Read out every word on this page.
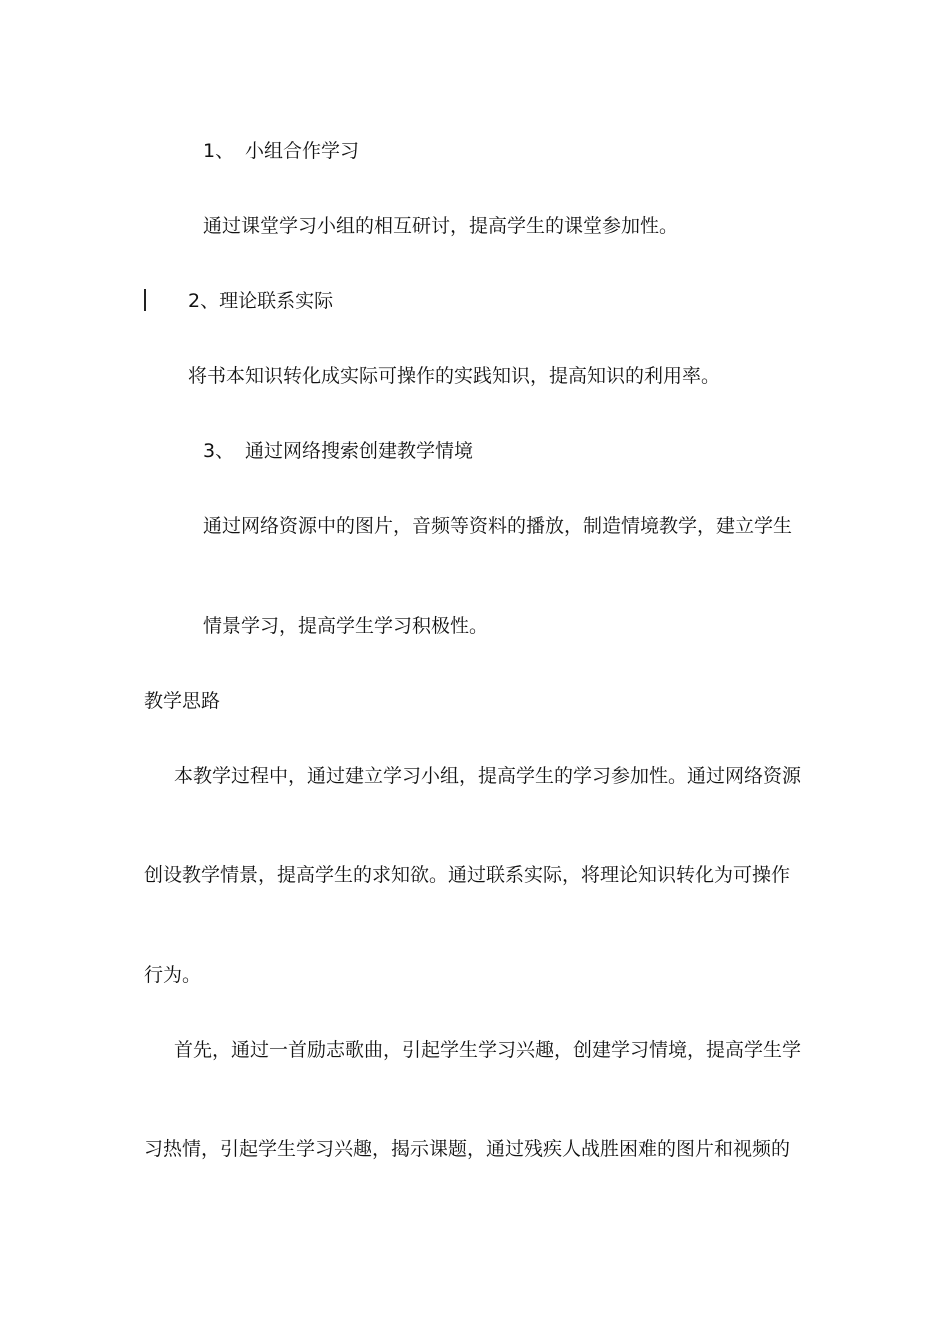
1、 小组合作学习
通过课堂学习小组的相互研讨，提高学生的课堂参加性。
2、理论联系实际
将书本知识转化成实际可操作的实践知识，提高知识的利用率。
3、 通过网络搜索创建教学情境
通过网络资源中的图片，音频等资料的播放，制造情境教学，建立学生
情景学习，提高学生学习积极性。
教学思路
本教学过程中，通过建立学习小组，提高学生的学习参加性。通过网络资源
创设教学情景，提高学生的求知欲。通过联系实际，将理论知识转化为可操作
行为。
首先，通过一首励志歌曲，引起学生学习兴趣，创建学习情境，提高学生学
习热情，引起学生学习兴趣，揭示课题，通过残疾人战胜困难的图片和视频的
